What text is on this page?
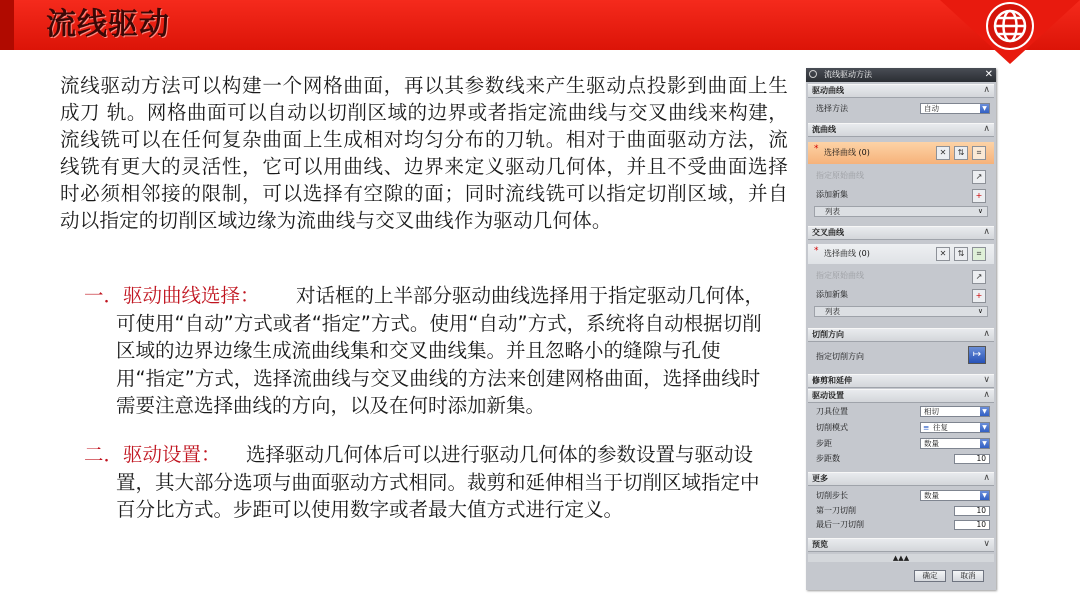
流线驱动

流线驱动方法可以构建一个网格曲面，再以其参数线来产生驱动点投影到曲面上生成刀 轨。网格曲面可以自动以切削区域的边界或者指定流曲线与交叉曲线来构建，流线铣可以在任何复杂曲面上生成相对均匀分布的刀轨。相对于曲面驱动方法，流线铣有更大的灵活性，它可以用曲线、边界来定义驱动几何体，并且不受曲面选择时必须相邻接的限制，可以选择有空隙的面；同时流线铣可以指定切削区域，并自动以指定的切削区域边缘为流曲线与交叉曲线作为驱动几何体。

一．驱动曲线选择： 对话框的上半部分驱动曲线选择用于指定驱动几何体，可使用“自动”方式或者“指定”方式。使用“自动”方式，系统将自动根据切削区域的边界边缘生成流曲线集和交叉曲线集。并且忽略小的缝隙与孔使用“指定”方式，选择流曲线与交叉曲线的方法来创建网格曲面，选择曲线时需要注意选择曲线的方向，以及在何时添加新集。

二．驱动设置： 选择驱动几何体后可以进行驱动几何体的参数设置与驱动设置，其大部分选项与曲面驱动方式相同。裁剪和延伸相当于切削区域指定中百分比方式。步距可以使用数字或者最大值方式进行定义。

流线驱动方法	✕
驱动曲线	∧
选择方法	自动	▼
流曲线	∧
* 选择曲线 (0)	✕	⇅	⌗
指定原始曲线	↗
添加新集	+
列表	∨
交叉曲线	∧
* 选择曲线 (0)	✕	⇅	⌗
指定原始曲线	↗
添加新集	+
列表	∨
切削方向	∧
指定切削方向	↦
修剪和延伸	∨
驱动设置	∧
刀具位置	相切	▼
切削模式	≡ 往复	▼
步距	数量	▼
步距数	10
更多	∧
切削步长	数量	▼
第一刀切削	10
最后一刀切削	10
预览	∨
▲▲▲
确定	取消
